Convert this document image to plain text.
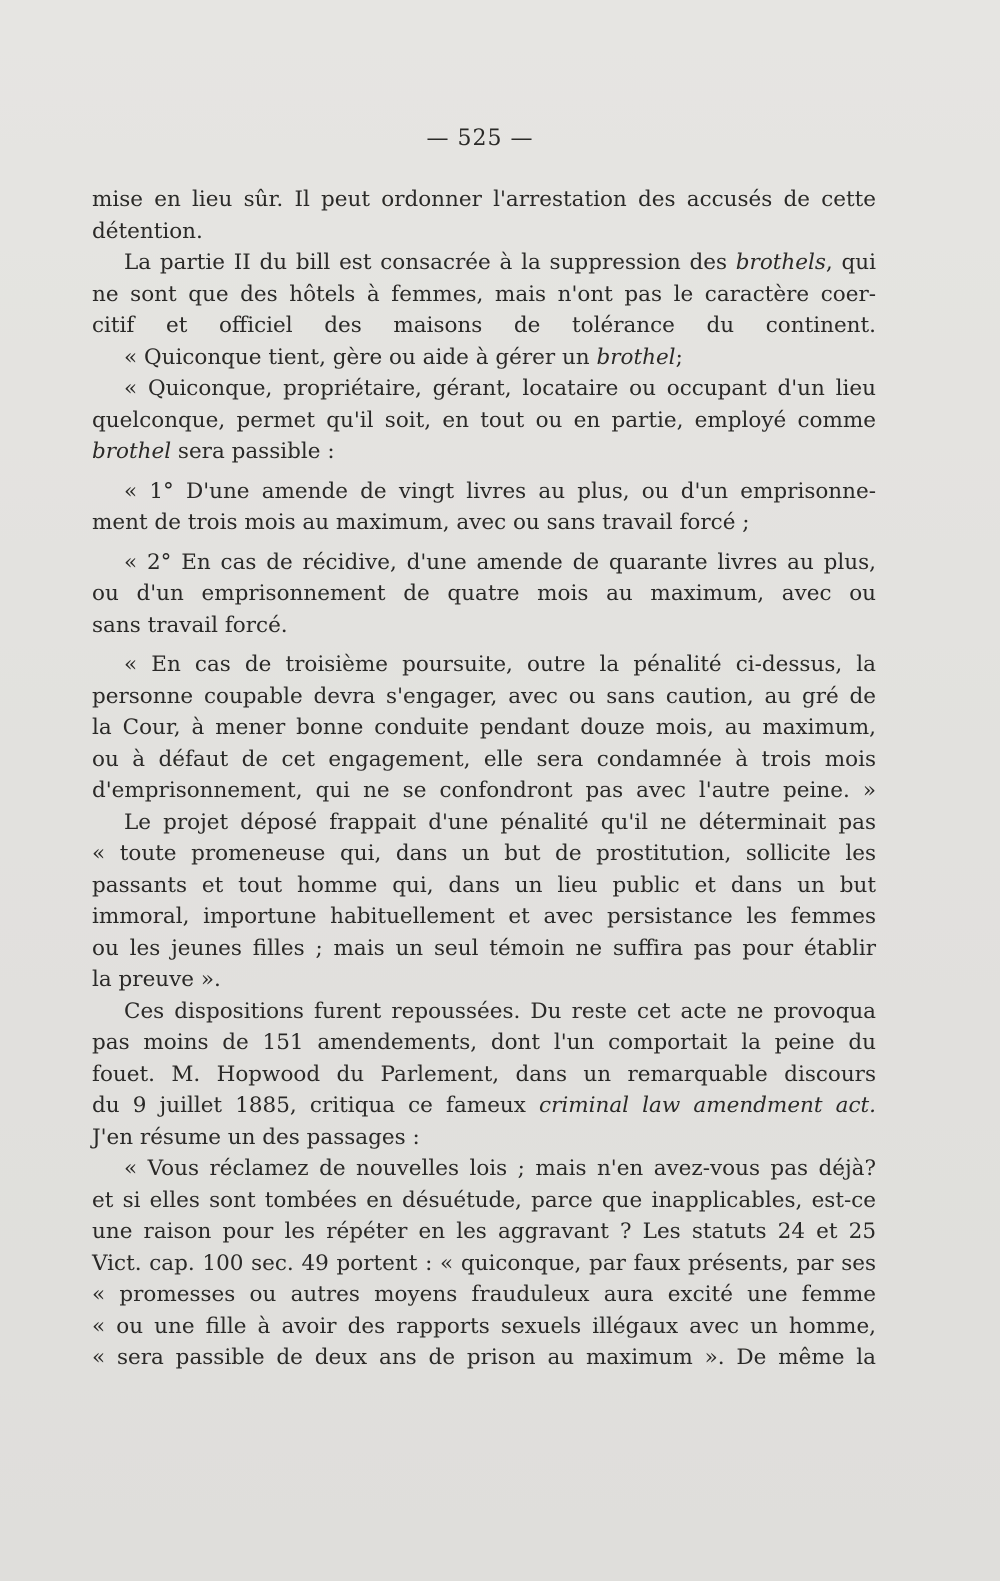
— 525 —
mise en lieu sûr. Il peut ordonner l'arrestation des accusés de cette
détention.
La partie II du bill est consacrée à la suppression des brothels, qui
ne sont que des hôtels à femmes, mais n'ont pas le caractère coer-
citif et officiel des maisons de tolérance du continent.
« Quiconque tient, gère ou aide à gérer un brothel;
« Quiconque, propriétaire, gérant, locataire ou occupant d'un lieu
quelconque, permet qu'il soit, en tout ou en partie, employé comme
brothel sera passible :
« 1° D'une amende de vingt livres au plus, ou d'un emprisonne-
ment de trois mois au maximum, avec ou sans travail forcé ;
« 2° En cas de récidive, d'une amende de quarante livres au plus,
ou d'un emprisonnement de quatre mois au maximum, avec ou
sans travail forcé.
« En cas de troisième poursuite, outre la pénalité ci-dessus, la
personne coupable devra s'engager, avec ou sans caution, au gré de
la Cour, à mener bonne conduite pendant douze mois, au maximum,
ou à défaut de cet engagement, elle sera condamnée à trois mois
d'emprisonnement, qui ne se confondront pas avec l'autre peine. »
Le projet déposé frappait d'une pénalité qu'il ne déterminait pas
« toute promeneuse qui, dans un but de prostitution, sollicite les
passants et tout homme qui, dans un lieu public et dans un but
immoral, importune habituellement et avec persistance les femmes
ou les jeunes filles ; mais un seul témoin ne suffira pas pour établir
la preuve ».
Ces dispositions furent repoussées. Du reste cet acte ne provoqua
pas moins de 151 amendements, dont l'un comportait la peine du
fouet. M. Hopwood du Parlement, dans un remarquable discours
du 9 juillet 1885, critiqua ce fameux criminal law amendment act.
J'en résume un des passages :
« Vous réclamez de nouvelles lois ; mais n'en avez-vous pas déjà?
et si elles sont tombées en désuétude, parce que inapplicables, est-ce
une raison pour les répéter en les aggravant ? Les statuts 24 et 25
Vict. cap. 100 sec. 49 portent : « quiconque, par faux présents, par ses
« promesses ou autres moyens frauduleux aura excité une femme
« ou une fille à avoir des rapports sexuels illégaux avec un homme,
« sera passible de deux ans de prison au maximum ». De même la
